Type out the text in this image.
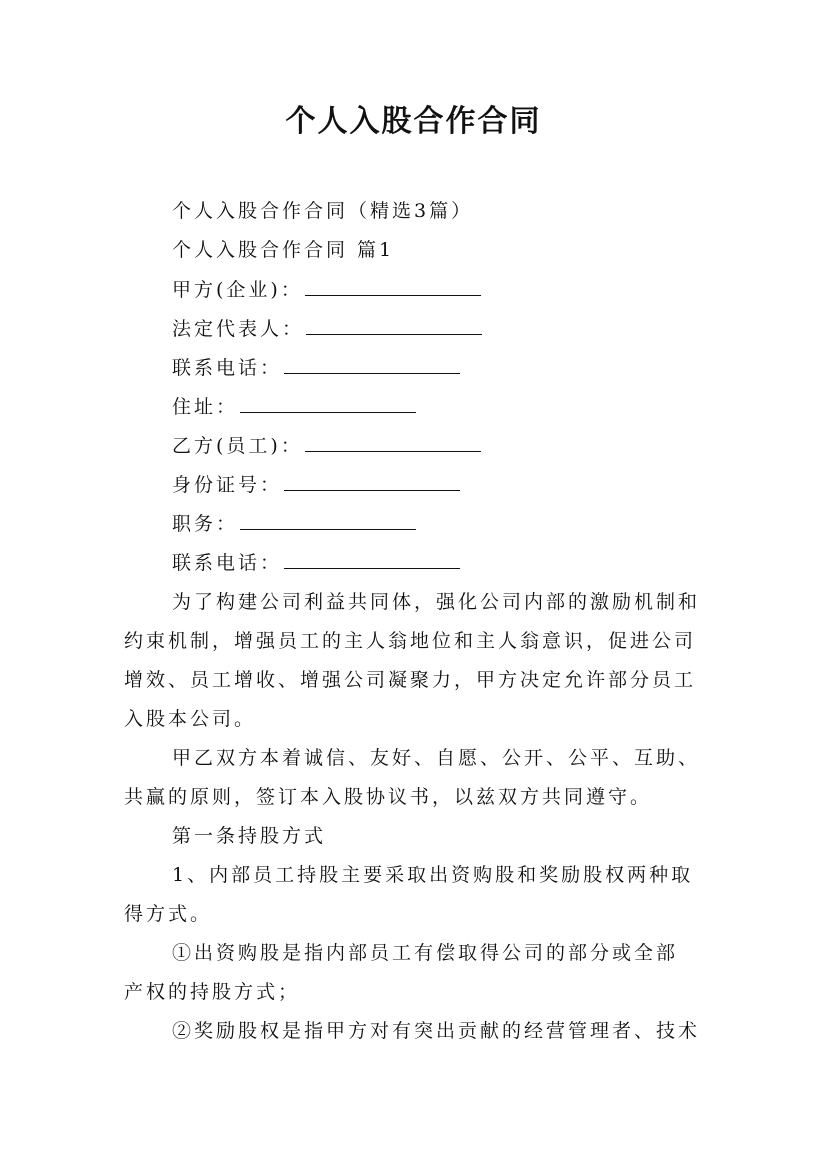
个人入股合作合同
个人入股合作合同（精选3篇）
个人入股合作合同 篇1
甲方(企业)：
法定代表人：
联系电话：
住址：
乙方(员工)：
身份证号：
职务：
联系电话：
为了构建公司利益共同体，强化公司内部的激励机制和
约束机制，增强员工的主人翁地位和主人翁意识，促进公司
增效、员工增收、增强公司凝聚力，甲方决定允许部分员工
入股本公司。
甲乙双方本着诚信、友好、自愿、公开、公平、互助、
共赢的原则，签订本入股协议书，以兹双方共同遵守。
第一条持股方式
1、内部员工持股主要采取出资购股和奖励股权两种取
得方式。
①出资购股是指内部员工有偿取得公司的部分或全部
产权的持股方式；
②奖励股权是指甲方对有突出贡献的经营管理者、技术
